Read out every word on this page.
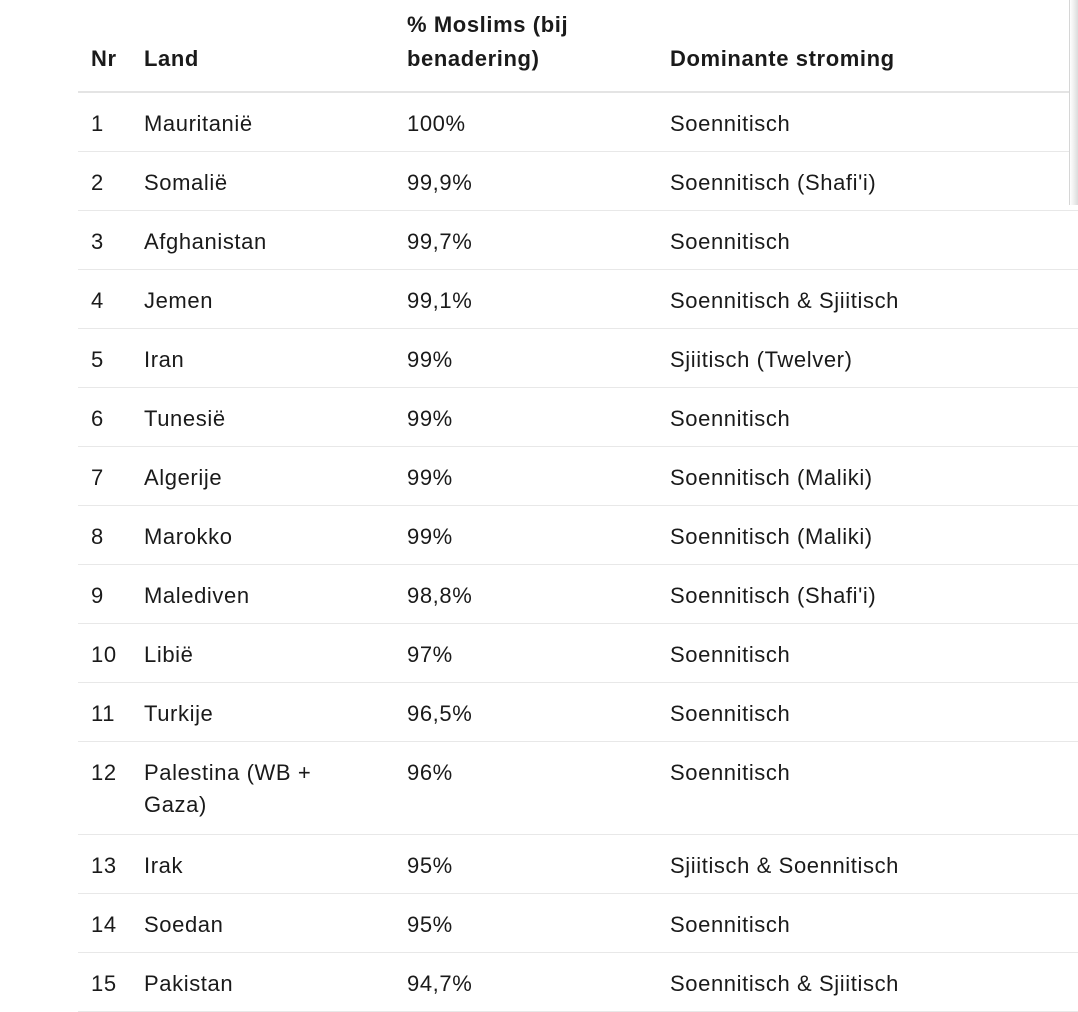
Nr	Land	% Moslims (bij benadering)	Dominante stroming
1	Mauritanië	100%	Soennitisch
2	Somalië	99,9%	Soennitisch (Shafi'i)
3	Afghanistan	99,7%	Soennitisch
4	Jemen	99,1%	Soennitisch & Sjiitisch
5	Iran	99%	Sjiitisch (Twelver)
6	Tunesië	99%	Soennitisch
7	Algerije	99%	Soennitisch (Maliki)
8	Marokko	99%	Soennitisch (Maliki)
9	Malediven	98,8%	Soennitisch (Shafi'i)
10	Libië	97%	Soennitisch
11	Turkije	96,5%	Soennitisch
12	Palestina (WB + Gaza)	96%	Soennitisch
13	Irak	95%	Sjiitisch & Soennitisch
14	Soedan	95%	Soennitisch
15	Pakistan	94,7%	Soennitisch & Sjiitisch
